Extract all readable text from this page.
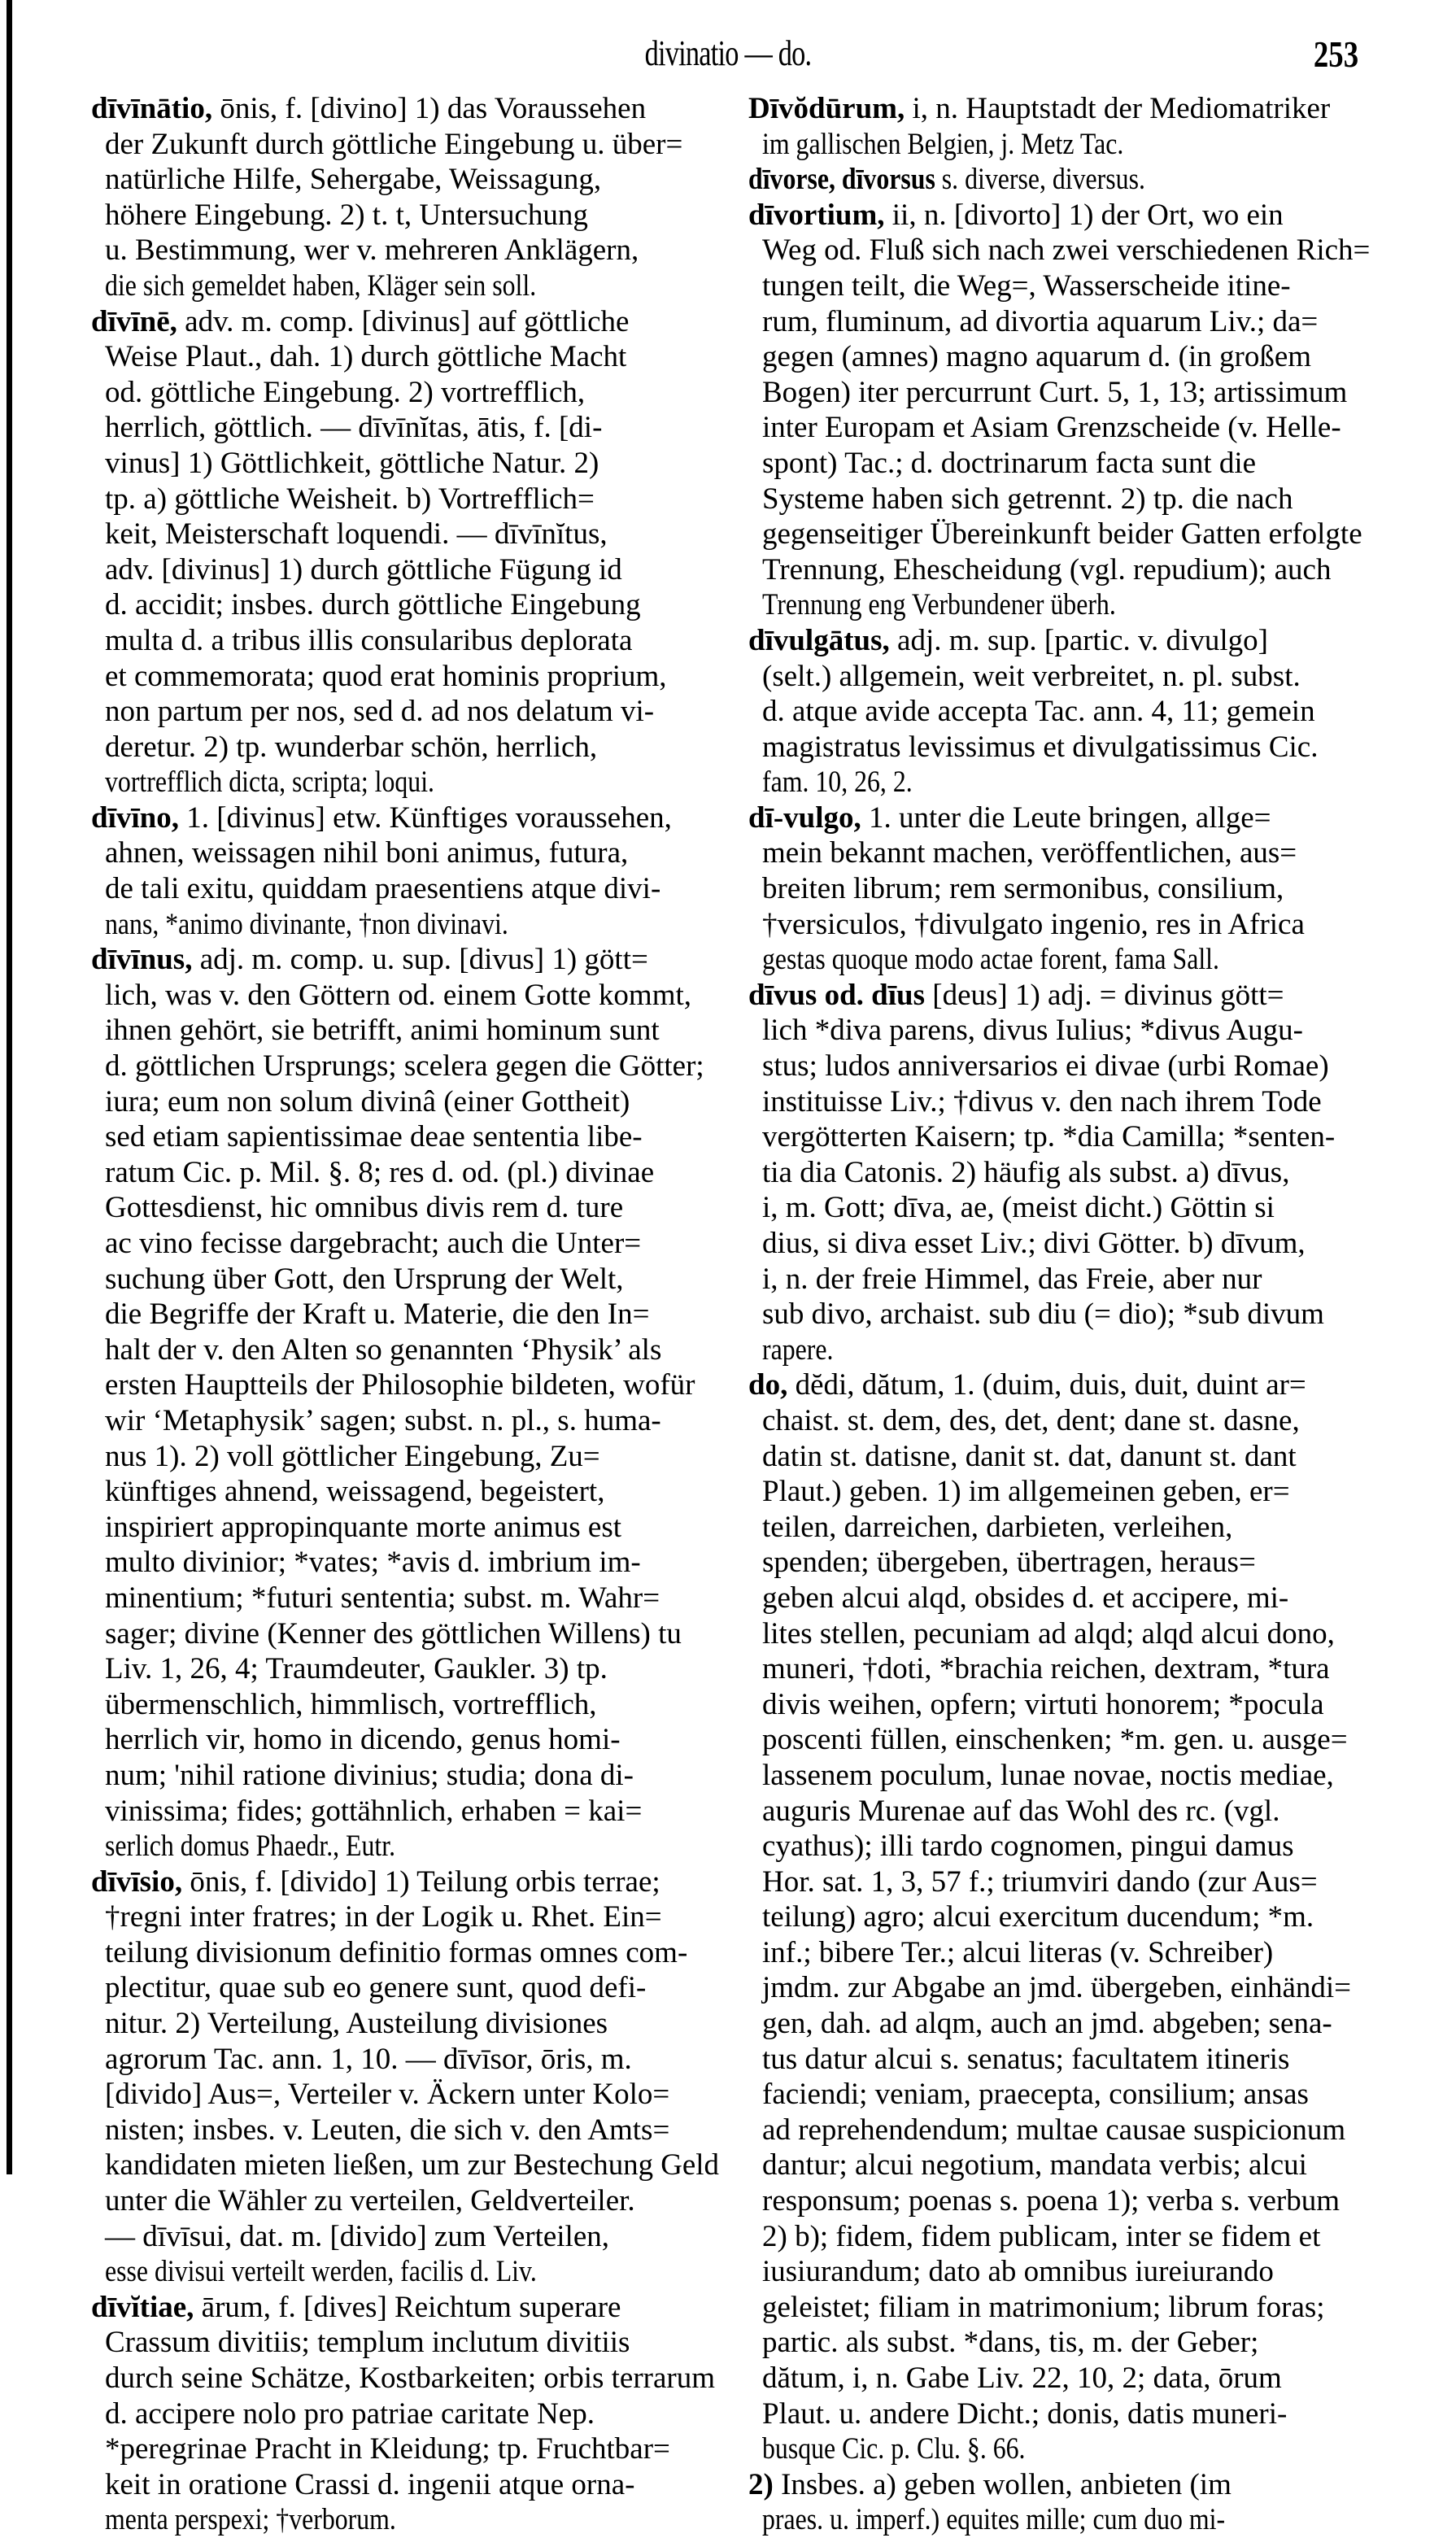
divinatio — do.	253
dīvīnātio, ōnis, f. [divino] 1) das Voraussehen
der Zukunft durch göttliche Eingebung u. über=
natürliche Hilfe, Sehergabe, Weissagung,
höhere Eingebung. 2) t. t, Untersuchung
u. Bestimmung, wer v. mehreren Anklägern,
die sich gemeldet haben, Kläger sein soll.
dīvīnē, adv. m. comp. [divinus] auf göttliche
Weise Plaut., dah. 1) durch göttliche Macht
od. göttliche Eingebung. 2) vortrefflich,
herrlich, göttlich. — dīvīnĭtas, ātis, f. [di-
vinus] 1) Göttlichkeit, göttliche Natur. 2)
tp. a) göttliche Weisheit. b) Vortrefflich=
keit, Meisterschaft loquendi. — dīvīnĭtus,
adv. [divinus] 1) durch göttliche Fügung id
d. accidit; insbes. durch göttliche Eingebung
multa d. a tribus illis consularibus deplorata
et commemorata; quod erat hominis proprium,
non partum per nos, sed d. ad nos delatum vi-
deretur. 2) tp. wunderbar schön, herrlich,
vortrefflich dicta, scripta; loqui.
dīvīno, 1. [divinus] etw. Künftiges voraussehen,
ahnen, weissagen nihil boni animus, futura,
de tali exitu, quiddam praesentiens atque divi-
nans, *animo divinante, †non divinavi.
dīvīnus, adj. m. comp. u. sup. [divus] 1) gött=
lich, was v. den Göttern od. einem Gotte kommt,
ihnen gehört, sie betrifft, animi hominum sunt
d. göttlichen Ursprungs; scelera gegen die Götter;
iura; eum non solum divinâ (einer Gottheit)
sed etiam sapientissimae deae sententia libe-
ratum Cic. p. Mil. §. 8; res d. od. (pl.) divinae
Gottesdienst, hic omnibus divis rem d. ture
ac vino fecisse dargebracht; auch die Unter=
suchung über Gott, den Ursprung der Welt,
die Begriffe der Kraft u. Materie, die den In=
halt der v. den Alten so genannten ‘Physik’ als
ersten Hauptteils der Philosophie bildeten, wofür
wir ‘Metaphysik’ sagen; subst. n. pl., s. huma-
nus 1). 2) voll göttlicher Eingebung, Zu=
künftiges ahnend, weissagend, begeistert,
inspiriert appropinquante morte animus est
multo divinior; *vates; *avis d. imbrium im-
minentium; *futuri sententia; subst. m. Wahr=
sager; divine (Kenner des göttlichen Willens) tu
Liv. 1, 26, 4; Traumdeuter, Gaukler. 3) tp.
übermenschlich, himmlisch, vortrefflich,
herrlich vir, homo in dicendo, genus homi-
num; 'nihil ratione divinius; studia; dona di-
vinissima; fides; gottähnlich, erhaben = kai=
serlich domus Phaedr., Eutr.
dīvīsio, ōnis, f. [divido] 1) Teilung orbis terrae;
†regni inter fratres; in der Logik u. Rhet. Ein=
teilung divisionum definitio formas omnes com-
plectitur, quae sub eo genere sunt, quod defi-
nitur. 2) Verteilung, Austeilung divisiones
agrorum Tac. ann. 1, 10. — dīvīsor, ōris, m.
[divido] Aus=, Verteiler v. Äckern unter Kolo=
nisten; insbes. v. Leuten, die sich v. den Amts=
kandidaten mieten ließen, um zur Bestechung Geld
unter die Wähler zu verteilen, Geldverteiler.
— dīvīsui, dat. m. [divido] zum Verteilen,
esse divisui verteilt werden, facilis d. Liv.
dīvĭtiae, ārum, f. [dives] Reichtum superare
Crassum divitiis; templum inclutum divitiis
durch seine Schätze, Kostbarkeiten; orbis terrarum
d. accipere nolo pro patriae caritate Nep.
*peregrinae Pracht in Kleidung; tp. Fruchtbar=
keit in oratione Crassi d. ingenii atque orna-
menta perspexi; †verborum.
Dīvŏdūrum, i, n. Hauptstadt der Mediomatriker
im gallischen Belgien, j. Metz Tac.
dīvorse, dīvorsus s. diverse, diversus.
dīvortium, ii, n. [divorto] 1) der Ort, wo ein
Weg od. Fluß sich nach zwei verschiedenen Rich=
tungen teilt, die Weg=, Wasserscheide itine-
rum, fluminum, ad divortia aquarum Liv.; da=
gegen (amnes) magno aquarum d. (in großem
Bogen) iter percurrunt Curt. 5, 1, 13; artissimum
inter Europam et Asiam Grenzscheide (v. Helle-
spont) Tac.; d. doctrinarum facta sunt die
Systeme haben sich getrennt. 2) tp. die nach
gegenseitiger Übereinkunft beider Gatten erfolgte
Trennung, Ehescheidung (vgl. repudium); auch
Trennung eng Verbundener überh.
dīvulgātus, adj. m. sup. [partic. v. divulgo]
(selt.) allgemein, weit verbreitet, n. pl. subst.
d. atque avide accepta Tac. ann. 4, 11; gemein
magistratus levissimus et divulgatissimus Cic.
fam. 10, 26, 2.
dī-vulgo, 1. unter die Leute bringen, allge=
mein bekannt machen, veröffentlichen, aus=
breiten librum; rem sermonibus, consilium,
†versiculos, †divulgato ingenio, res in Africa
gestas quoque modo actae forent, fama Sall.
dīvus od. dīus [deus] 1) adj. = divinus gött=
lich *diva parens, divus Iulius; *divus Augu-
stus; ludos anniversarios ei divae (urbi Romae)
instituisse Liv.; †divus v. den nach ihrem Tode
vergötterten Kaisern; tp. *dia Camilla; *senten-
tia dia Catonis. 2) häufig als subst. a) dīvus,
i, m. Gott; dīva, ae, (meist dicht.) Göttin si
dius, si diva esset Liv.; divi Götter. b) dīvum,
i, n. der freie Himmel, das Freie, aber nur
sub divo, archaist. sub diu (= dio); *sub divum
rapere.
do, dĕdi, dătum, 1. (duim, duis, duit, duint ar=
chaist. st. dem, des, det, dent; dane st. dasne,
datin st. datisne, danit st. dat, danunt st. dant
Plaut.) geben. 1) im allgemeinen geben, er=
teilen, darreichen, darbieten, verleihen,
spenden; übergeben, übertragen, heraus=
geben alcui alqd, obsides d. et accipere, mi-
lites stellen, pecuniam ad alqd; alqd alcui dono,
muneri, †doti, *brachia reichen, dextram, *tura
divis weihen, opfern; virtuti honorem; *pocula
poscenti füllen, einschenken; *m. gen. u. ausge=
lassenem poculum, lunae novae, noctis mediae,
auguris Murenae auf das Wohl des rc. (vgl.
cyathus); illi tardo cognomen, pingui damus
Hor. sat. 1, 3, 57 f.; triumviri dando (zur Aus=
teilung) agro; alcui exercitum ducendum; *m.
inf.; bibere Ter.; alcui literas (v. Schreiber)
jmdm. zur Abgabe an jmd. übergeben, einhändi=
gen, dah. ad alqm, auch an jmd. abgeben; sena-
tus datur alcui s. senatus; facultatem itineris
faciendi; veniam, praecepta, consilium; ansas
ad reprehendendum; multae causae suspicionum
dantur; alcui negotium, mandata verbis; alcui
responsum; poenas s. poena 1); verba s. verbum
2) b); fidem, fidem publicam, inter se fidem et
iusiurandum; dato ab omnibus iureiurando
geleistet; filiam in matrimonium; librum foras;
partic. als subst. *dans, tis, m. der Geber;
dătum, i, n. Gabe Liv. 22, 10, 2; data, ōrum
Plaut. u. andere Dicht.; donis, datis muneri-
busque Cic. p. Clu. §. 66.
2) Insbes. a) geben wollen, anbieten (im
praes. u. imperf.) equites mille; cum duo mi-
